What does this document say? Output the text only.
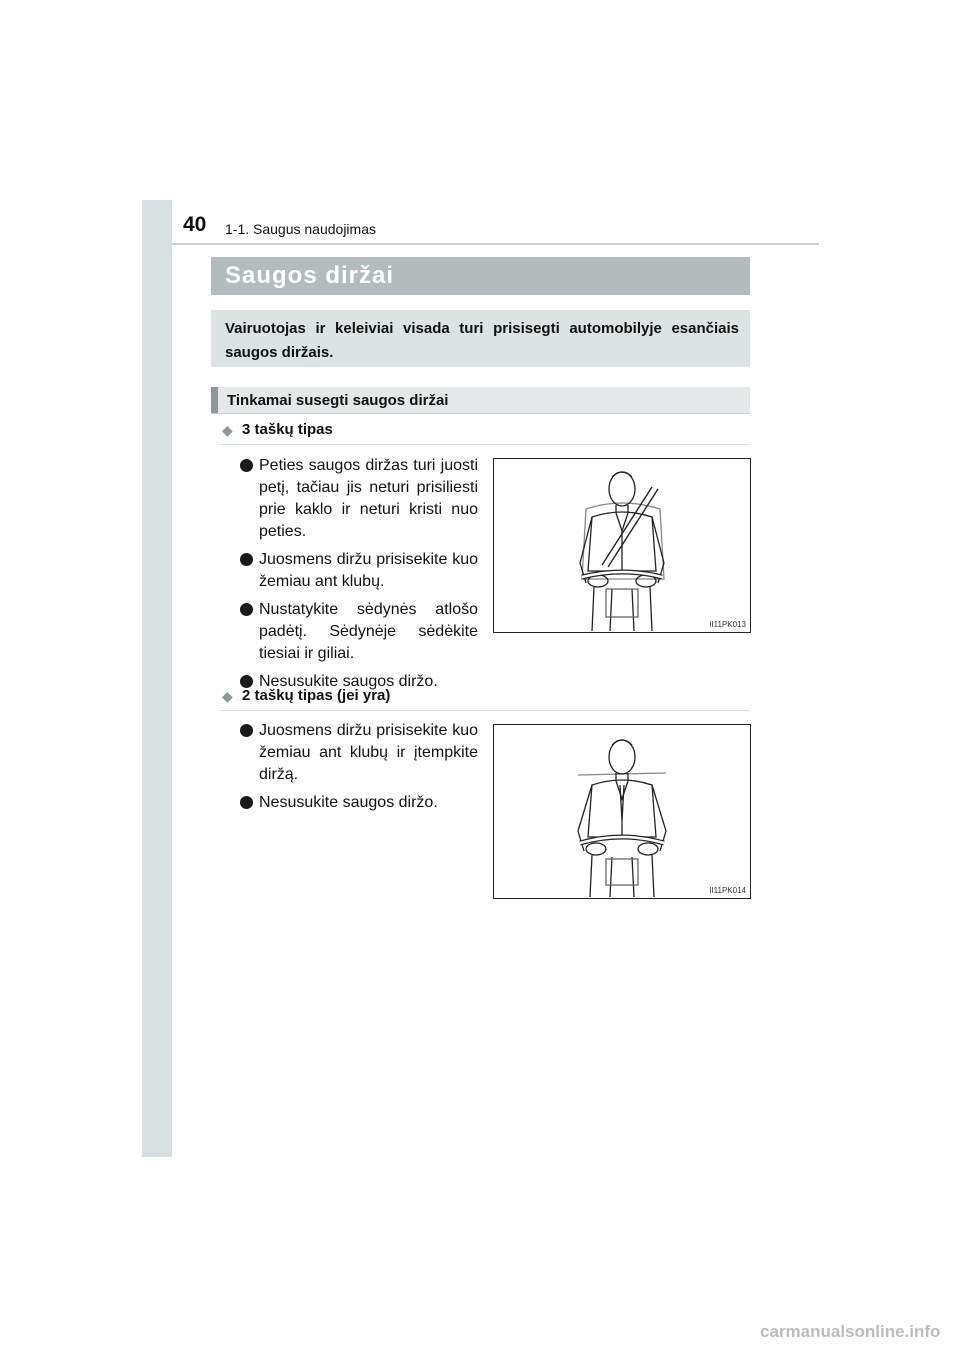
40 1-1. Saugus naudojimas
Saugos diržai
Vairuotojas ir keleiviai visada turi prisisegti automobilyje esančiais saugos diržais.
Tinkamai susegti saugos diržai
◆ 3 taškų tipas
Peties saugos diržas turi juosti petį, tačiau jis neturi prisiliesti prie kaklo ir neturi kristi nuo peties.
Juosmens diržu prisisekite kuo žemiau ant klubų.
Nustatykite sėdynės atlošo padėtį. Sėdynėje sėdėkite tiesiai ir giliai.
Nesusukite saugos diržo.
II11PK013
◆ 2 taškų tipas (jei yra)
Juosmens diržu prisisekite kuo žemiau ant klubų ir įtempkite diržą.
Nesusukite saugos diržo.
II11PK014
carmanualsonline.info
